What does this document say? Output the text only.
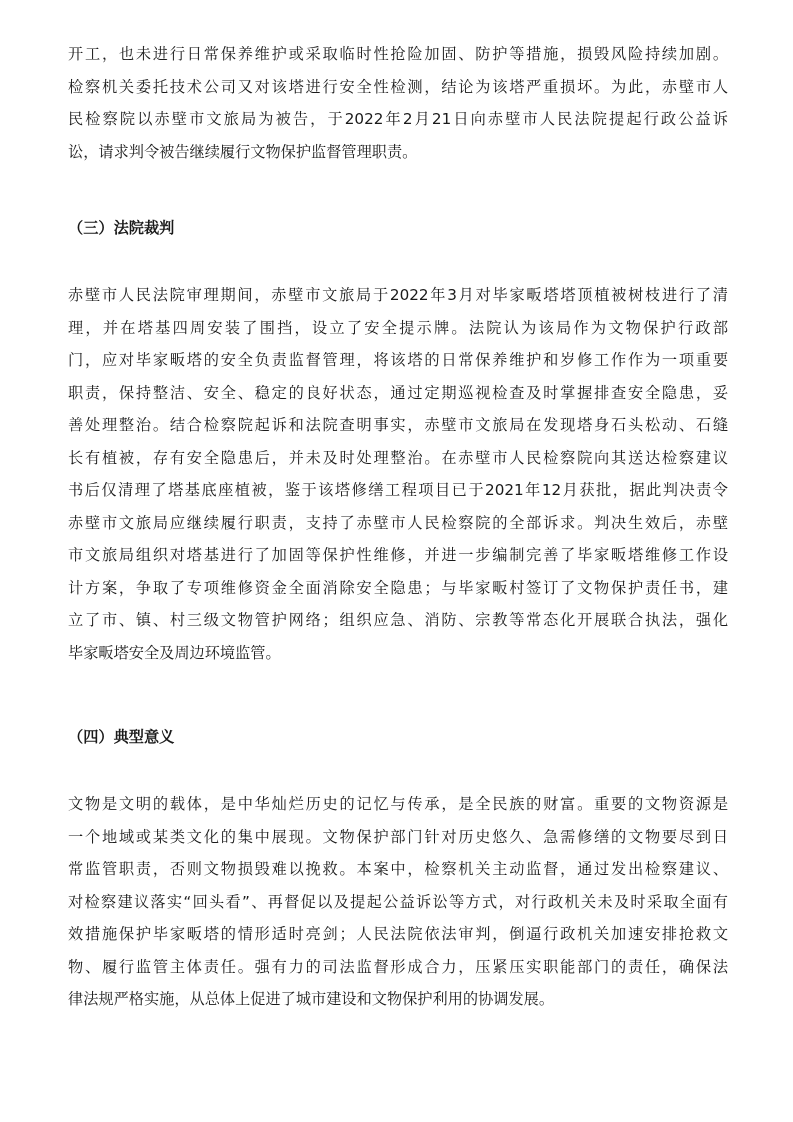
开工，也未进行日常保养维护或采取临时性抢险加固、防护等措施，损毁风险持续加剧。
检察机关委托技术公司又对该塔进行安全性检测，结论为该塔严重损坏。为此，赤壁市人
民检察院以赤壁市文旅局为被告，于2022年2月21日向赤壁市人民法院提起行政公益诉
讼，请求判令被告继续履行文物保护监督管理职责。
（三）法院裁判
赤壁市人民法院审理期间，赤壁市文旅局于2022年3月对毕家畈塔塔顶植被树枝进行了清
理，并在塔基四周安装了围挡，设立了安全提示牌。法院认为该局作为文物保护行政部
门，应对毕家畈塔的安全负责监督管理，将该塔的日常保养维护和岁修工作作为一项重要
职责，保持整洁、安全、稳定的良好状态，通过定期巡视检查及时掌握排查安全隐患，妥
善处理整治。结合检察院起诉和法院查明事实，赤壁市文旅局在发现塔身石头松动、石缝
长有植被，存有安全隐患后，并未及时处理整治。在赤壁市人民检察院向其送达检察建议
书后仅清理了塔基底座植被，鉴于该塔修缮工程项目已于2021年12月获批，据此判决责令
赤壁市文旅局应继续履行职责，支持了赤壁市人民检察院的全部诉求。判决生效后，赤壁
市文旅局组织对塔基进行了加固等保护性维修，并进一步编制完善了毕家畈塔维修工作设
计方案，争取了专项维修资金全面消除安全隐患；与毕家畈村签订了文物保护责任书，建
立了市、镇、村三级文物管护网络；组织应急、消防、宗教等常态化开展联合执法，强化
毕家畈塔安全及周边环境监管。
（四）典型意义
文物是文明的载体，是中华灿烂历史的记忆与传承，是全民族的财富。重要的文物资源是
一个地域或某类文化的集中展现。文物保护部门针对历史悠久、急需修缮的文物要尽到日
常监管职责，否则文物损毁难以挽救。本案中，检察机关主动监督，通过发出检察建议、
对检察建议落实“回头看”、再督促以及提起公益诉讼等方式，对行政机关未及时采取全面有
效措施保护毕家畈塔的情形适时亮剑；人民法院依法审判，倒逼行政机关加速安排抢救文
物、履行监管主体责任。强有力的司法监督形成合力，压紧压实职能部门的责任，确保法
律法规严格实施，从总体上促进了城市建设和文物保护利用的协调发展。
